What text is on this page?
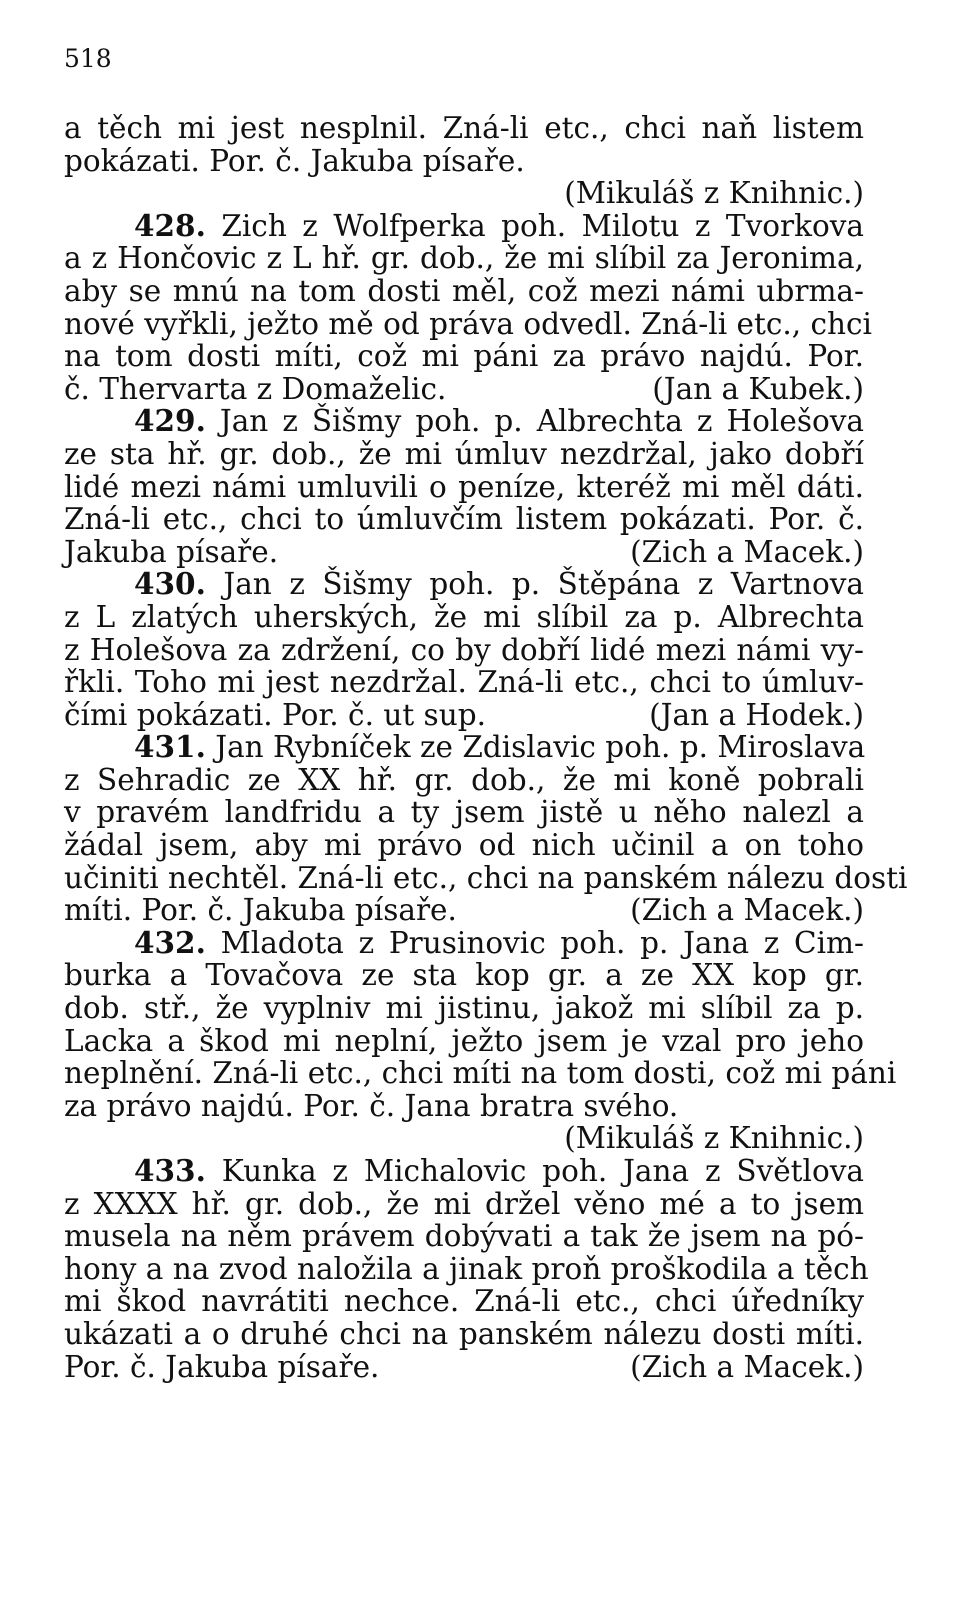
518
a těch mi jest nesplnil. Zná-li etc., chci naň listem
pokázati. Por. č. Jakuba písaře.
(Mikuláš z Knihnic.)
428. Zich z Wolfperka poh. Milotu z Tvorkova
a z Hončovic z L hř. gr. dob., že mi slíbil za Jeronima,
aby se mnú na tom dosti měl, což mezi námi ubrma-
nové vyřkli, ježto mě od práva odvedl. Zná-li etc., chci
na tom dosti míti, což mi páni za právo najdú. Por.
č. Thervarta z Domaželic.	(Jan a Kubek.)
429. Jan z Šišmy poh. p. Albrechta z Holešova
ze sta hř. gr. dob., že mi úmluv nezdržal, jako dobří
lidé mezi námi umluvili o peníze, kteréž mi měl dáti.
Zná-li etc., chci to úmluvčím listem pokázati. Por. č.
Jakuba písaře.	(Zich a Macek.)
430. Jan z Šišmy poh. p. Štěpána z Vartnova
z L zlatých uherských, že mi slíbil za p. Albrechta
z Holešova za zdržení, co by dobří lidé mezi námi vy-
řkli. Toho mi jest nezdržal. Zná-li etc., chci to úmluv-
čími pokázati. Por. č. ut sup.	(Jan a Hodek.)
431. Jan Rybníček ze Zdislavic poh. p. Miroslava
z Sehradic ze XX hř. gr. dob., že mi koně pobrali
v pravém landfridu a ty jsem jistě u něho nalezl a
žádal jsem, aby mi právo od nich učinil a on toho
učiniti nechtěl. Zná-li etc., chci na panském nálezu dosti
míti. Por. č. Jakuba písaře.	(Zich a Macek.)
432. Mladota z Prusinovic poh. p. Jana z Cim-
burka a Tovačova ze sta kop gr. a ze XX kop gr.
dob. stř., že vyplniv mi jistinu, jakož mi slíbil za p.
Lacka a škod mi neplní, ježto jsem je vzal pro jeho
neplnění. Zná-li etc., chci míti na tom dosti, což mi páni
za právo najdú. Por. č. Jana bratra svého.
(Mikuláš z Knihnic.)
433. Kunka z Michalovic poh. Jana z Světlova
z XXXX hř. gr. dob., že mi držel věno mé a to jsem
musela na něm právem dobývati a tak že jsem na pó-
hony a na zvod naložila a jinak proň proškodila a těch
mi škod navrátiti nechce. Zná-li etc., chci úředníky
ukázati a o druhé chci na panském nálezu dosti míti.
Por. č. Jakuba písaře.	(Zich a Macek.)
